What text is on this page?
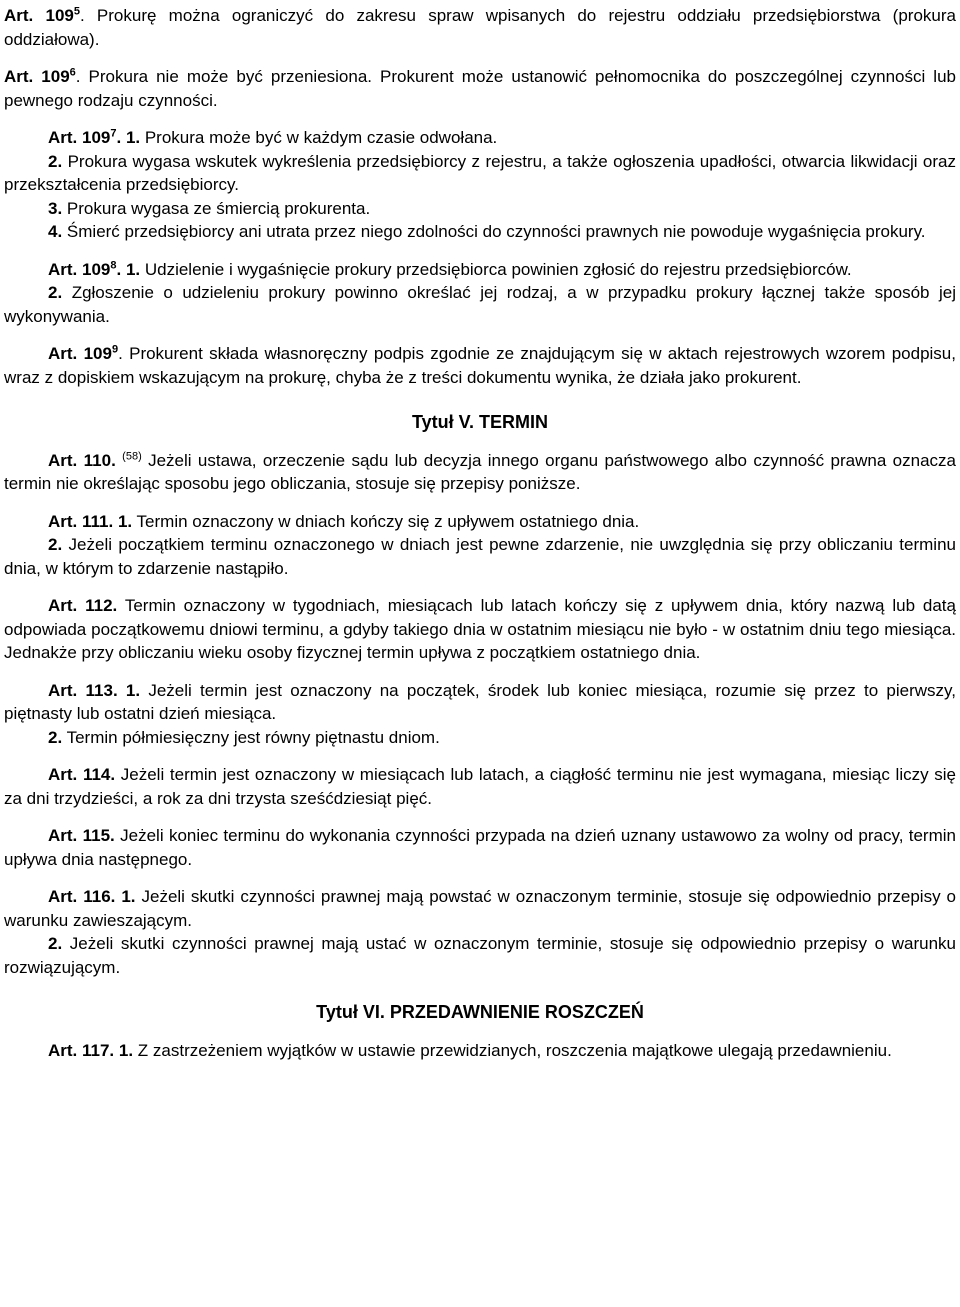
Art. $109^5$. Prokurę można ograniczyć do zakresu spraw wpisanych do rejestru oddziału przedsiębiorstwa (prokura oddziałowa).

Art. $109^6$. Prokura nie może być przeniesiona. Prokurent może ustanowić pełnomocnika do poszczególnej czynności lub pewnego rodzaju czynności.

Art. $109^7$. 1. Prokura może być w każdym czasie odwołana.

2. Prokura wygasa wskutek wykreślenia przedsiębiorcy z rejestru, a także ogłoszenia upadłości, otwarcia likwidacji oraz przekształcenia przedsiębiorcy.

3. Prokura wygasa ze śmiercią prokurenta.

4. Śmierć przedsiębiorcy ani utrata przez niego zdolności do czynności prawnych nie powoduje wygaśnięcia prokury.

Art. $109^8$. 1. Udzielenie i wygaśnięcie prokury przedsiębiorca powinien zgłosić do rejestru przedsiębiorców.

2. Zgłoszenie o udzieleniu prokury powinno określać jej rodzaj, a w przypadku prokury łącznej także sposób jej wykonywania.

Art. $109^9$. Prokurent składa własnoręczny podpis zgodnie ze znajdującym się w aktach rejestrowych wzorem podpisu, wraz z dopiskiem wskazującym na prokurę, chyba że z treści dokumentu wynika, że działa jako prokurent.

Tytuł V. TERMIN

Art. 110. $^{(58)}$ Jeżeli ustawa, orzeczenie sądu lub decyzja innego organu państwowego albo czynność prawna oznacza termin nie określając sposobu jego obliczania, stosuje się przepisy poniższe.

Art. 111. 1. Termin oznaczony w dniach kończy się z upływem ostatniego dnia.

2. Jeżeli początkiem terminu oznaczonego w dniach jest pewne zdarzenie, nie uwzględnia się przy obliczaniu terminu dnia, w którym to zdarzenie nastąpiło.

Art. 112. Termin oznaczony w tygodniach, miesiącach lub latach kończy się z upływem dnia, który nazwą lub datą odpowiada początkowemu dniowi terminu, a gdyby takiego dnia w ostatnim miesiącu nie było - w ostatnim dniu tego miesiąca. Jednakże przy obliczaniu wieku osoby fizycznej termin upływa z początkiem ostatniego dnia.

Art. 113. 1. Jeżeli termin jest oznaczony na początek, środek lub koniec miesiąca, rozumie się przez to pierwszy, piętnasty lub ostatni dzień miesiąca.

2. Termin półmiesięczny jest równy piętnastu dniom.

Art. 114. Jeżeli termin jest oznaczony w miesiącach lub latach, a ciągłość terminu nie jest wymagana, miesiąc liczy się za dni trzydzieści, a rok za dni trzysta sześćdziesiąt pięć.

Art. 115. Jeżeli koniec terminu do wykonania czynności przypada na dzień uznany ustawowo za wolny od pracy, termin upływa dnia następnego.

Art. 116. 1. Jeżeli skutki czynności prawnej mają powstać w oznaczonym terminie, stosuje się odpowiednio przepisy o warunku zawieszającym.

2. Jeżeli skutki czynności prawnej mają ustać w oznaczonym terminie, stosuje się odpowiednio przepisy o warunku rozwiązującym.

Tytuł VI. PRZEDAWNIENIE ROSZCZEŃ

Art. 117. 1. Z zastrzeżeniem wyjątków w ustawie przewidzianych, roszczenia majątkowe ulegają przedawnieniu.
